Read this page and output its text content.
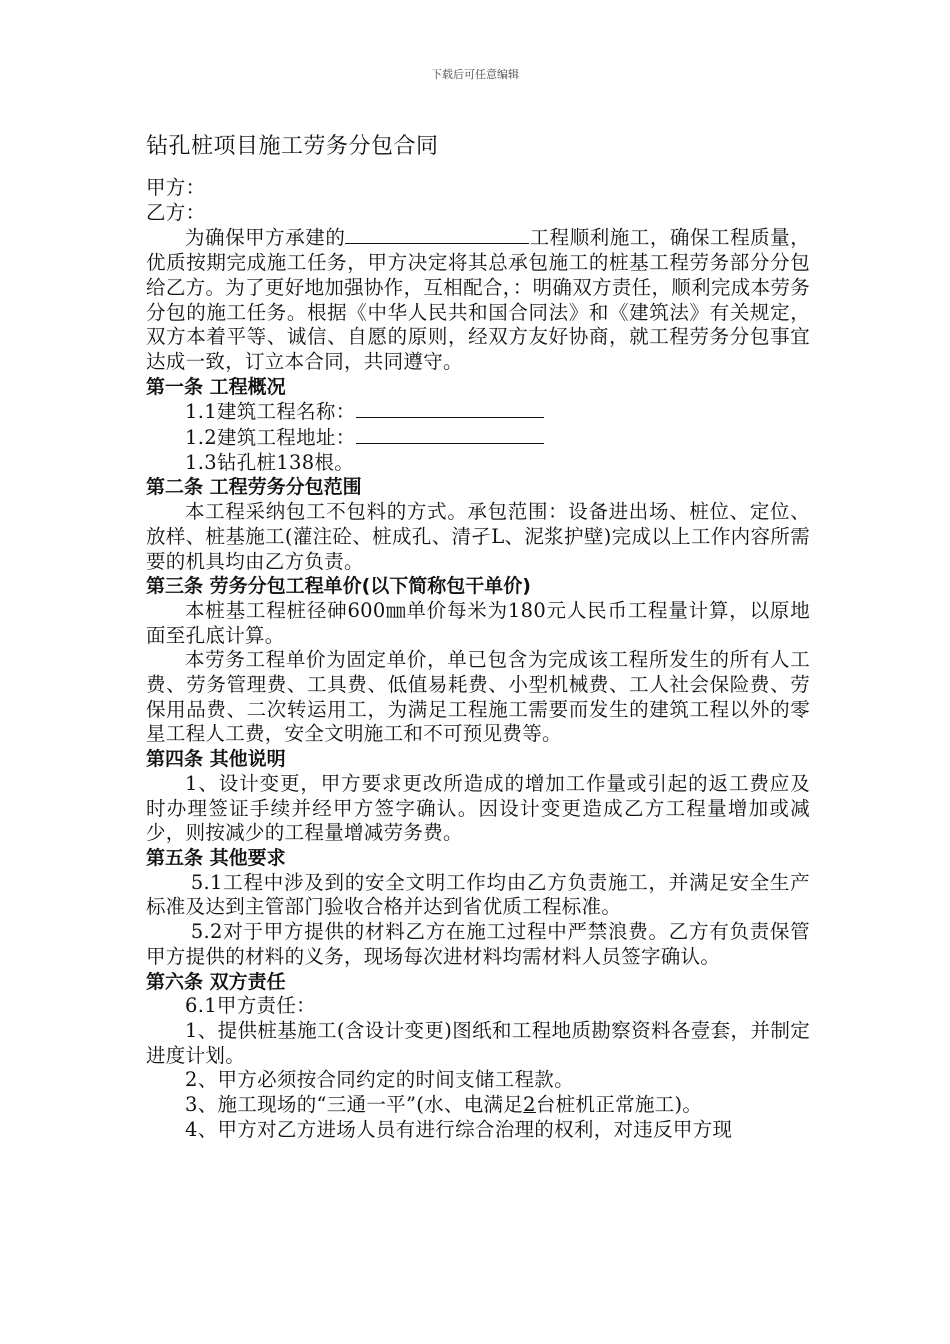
下载后可任意编辑
钻孔桩项目施工劳务分包合同

甲方：

乙方：

为确保甲方承建的	工程顺利施工，确保工程质量，优质按期完成施工任务，甲方决定将其总承包施工的桩基工程劳务部分分包给乙方。为了更好地加强协作，互相配合，：明确双方责任，顺利完成本劳务分包的施工任务。根据《中华人民共和国合同法》和《建筑法》有关规定，双方本着平等、诚信、自愿的原则，经双方友好协商，就工程劳务分包事宜达成一致，订立本合同，共同遵守。

第一条 工程概况

1.1建筑工程名称：

1.2建筑工程地址：

1.3钻孔桩138根。

第二条 工程劳务分包范围

本工程采纳包工不包料的方式。承包范围：设备进出场、桩位、定位、放样、桩基施工(灌注砼、桩成孔、清孑L、泥浆护壁)完成以上工作内容所需要的机具均由乙方负责。

第三条 劳务分包工程单价(以下简称包干单价)

本桩基工程桩径砷600㎜单价每米为180元人民币工程量计算，以原地面至孔底计算。

本劳务工程单价为固定单价，单已包含为完成该工程所发生的所有人工费、劳务管理费、工具费、低值易耗费、小型机械费、工人社会保险费、劳保用品费、二次转运用工，为满足工程施工需要而发生的建筑工程以外的零星工程人工费，安全文明施工和不可预见费等。

第四条 其他说明

1、设计变更，甲方要求更改所造成的增加工作量或引起的返工费应及时办理签证手续并经甲方签字确认。因设计变更造成乙方工程量增加或减少，则按减少的工程量增减劳务费。

第五条 其他要求

5.1工程中涉及到的安全文明工作均由乙方负责施工，并满足安全生产标准及达到主管部门验收合格并达到省优质工程标准。

5.2对于甲方提供的材料乙方在施工过程中严禁浪费。乙方有负责保管甲方提供的材料的义务，现场每次进材料均需材料人员签字确认。

第六条 双方责任

6.1甲方责任：

1、提供桩基施工(含设计变更)图纸和工程地质勘察资料各壹套，并制定进度计划。

2、甲方必须按合同约定的时间支储工程款。

3、施工现场的“三通一平”(水、电满足2台桩机正常施工)。

4、甲方对乙方进场人员有进行综合治理的权利，对违反甲方现
